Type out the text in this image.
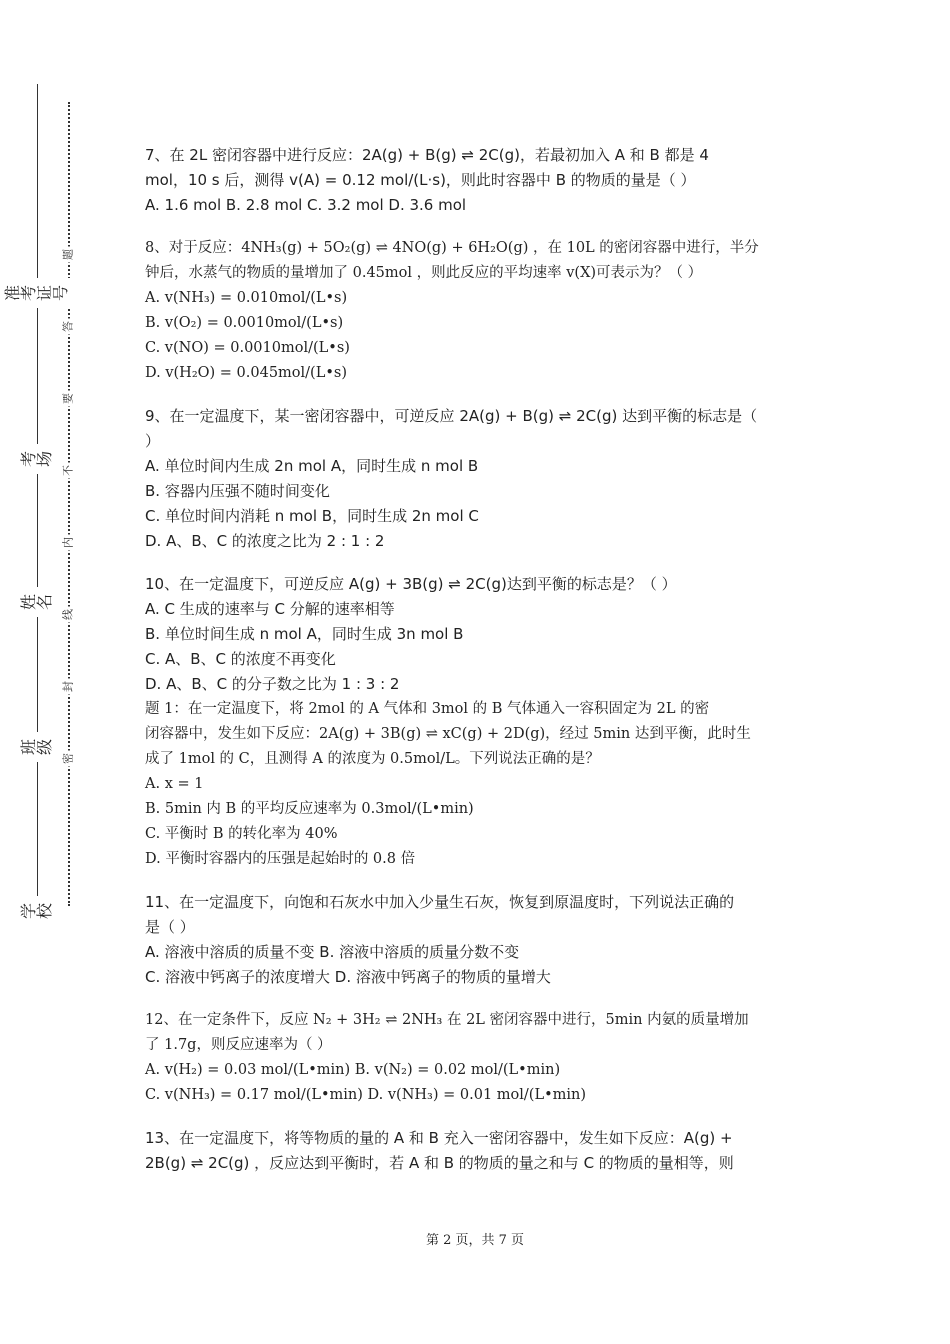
准考证号
考场
姓名
班级
学校
题
答
要
不
内
线
封
密
7、在 2L 密闭容器中进行反应：2A(g) + B(g) ⇌ 2C(g)，若最初加入 A 和 B 都是 4
mol，10 s 后，测得 v(A) = 0.12 mol/(L·s)，则此时容器中 B 的物质的量是（ ）
A. 1.6 mol B. 2.8 mol C. 3.2 mol D. 3.6 mol
8、对于反应：4NH₃(g) + 5O₂(g) ⇌ 4NO(g) + 6H₂O(g) ，在 10L 的密闭容器中进行，半分
钟后，水蒸气的物质的量增加了 0.45mol ，则此反应的平均速率 v(X)可表示为？（ ）
A. v(NH₃) = 0.010mol/(L•s)
B. v(O₂) = 0.0010mol/(L•s)
C. v(NO) = 0.0010mol/(L•s)
D. v(H₂O) = 0.045mol/(L•s)
9、在一定温度下，某一密闭容器中，可逆反应 2A(g) + B(g) ⇌ 2C(g) 达到平衡的标志是（
）
A. 单位时间内生成 2n mol A，同时生成 n mol B
B. 容器内压强不随时间变化
C. 单位时间内消耗 n mol B，同时生成 2n mol C
D. A、B、C 的浓度之比为 2 : 1 : 2
10、在一定温度下，可逆反应 A(g) + 3B(g) ⇌ 2C(g)达到平衡的标志是？（ ）
A. C 生成的速率与 C 分解的速率相等
B. 单位时间生成 n mol A，同时生成 3n mol B
C. A、B、C 的浓度不再变化
D. A、B、C 的分子数之比为 1 : 3 : 2
题 1：在一定温度下，将 2mol 的 A 气体和 3mol 的 B 气体通入一容积固定为 2L 的密
闭容器中，发生如下反应：2A(g) + 3B(g) ⇌ xC(g) + 2D(g)，经过 5min 达到平衡，此时生
成了 1mol 的 C，且测得 A 的浓度为 0.5mol/L。下列说法正确的是？
A. x = 1
B. 5min 内 B 的平均反应速率为 0.3mol/(L•min)
C. 平衡时 B 的转化率为 40%
D. 平衡时容器内的压强是起始时的 0.8 倍
11、在一定温度下，向饱和石灰水中加入少量生石灰，恢复到原温度时，下列说法正确的
是（ ）
A. 溶液中溶质的质量不变 B. 溶液中溶质的质量分数不变
C. 溶液中钙离子的浓度增大 D. 溶液中钙离子的物质的量增大
12、在一定条件下，反应 N₂ + 3H₂ ⇌ 2NH₃ 在 2L 密闭容器中进行，5min 内氨的质量增加
了 1.7g，则反应速率为（ ）
A. v(H₂) = 0.03 mol/(L•min) B. v(N₂) = 0.02 mol/(L•min)
C. v(NH₃) = 0.17 mol/(L•min) D. v(NH₃) = 0.01 mol/(L•min)
13、在一定温度下，将等物质的量的 A 和 B 充入一密闭容器中，发生如下反应：A(g) +
2B(g) ⇌ 2C(g) ，反应达到平衡时，若 A 和 B 的物质的量之和与 C 的物质的量相等，则
第 2 页，共 7 页
